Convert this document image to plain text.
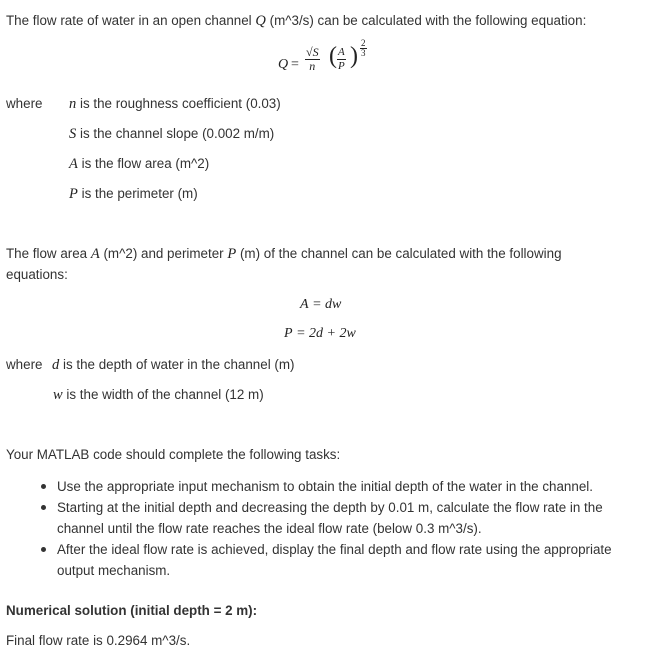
The flow rate of water in an open channel Q (m^3/s) can be calculated with the following equation:
$Q = \frac{√S}{n}$ ( $\frac{A}{P}$ ) $\frac{2}{3}$
where n is the roughness coefficient (0.03)
S is the channel slope (0.002 m/m)
A is the flow area (m^2)
P is the perimeter (m)
The flow area A (m^2) and perimeter P (m) of the channel can be calculated with the following
equations:
A = dw
P = 2d + 2w
where d is the depth of water in the channel (m)
w is the width of the channel (12 m)
Your MATLAB code should complete the following tasks:
Use the appropriate input mechanism to obtain the initial depth of the water in the channel.
Starting at the initial depth and decreasing the depth by 0.01 m, calculate the flow rate in the channel until the flow rate reaches the ideal flow rate (below 0.3 m^3/s).
After the ideal flow rate is achieved, display the final depth and flow rate using the appropriate output mechanism.
Numerical solution (initial depth = 2 m):
Final flow rate is 0.2964 m^3/s.
